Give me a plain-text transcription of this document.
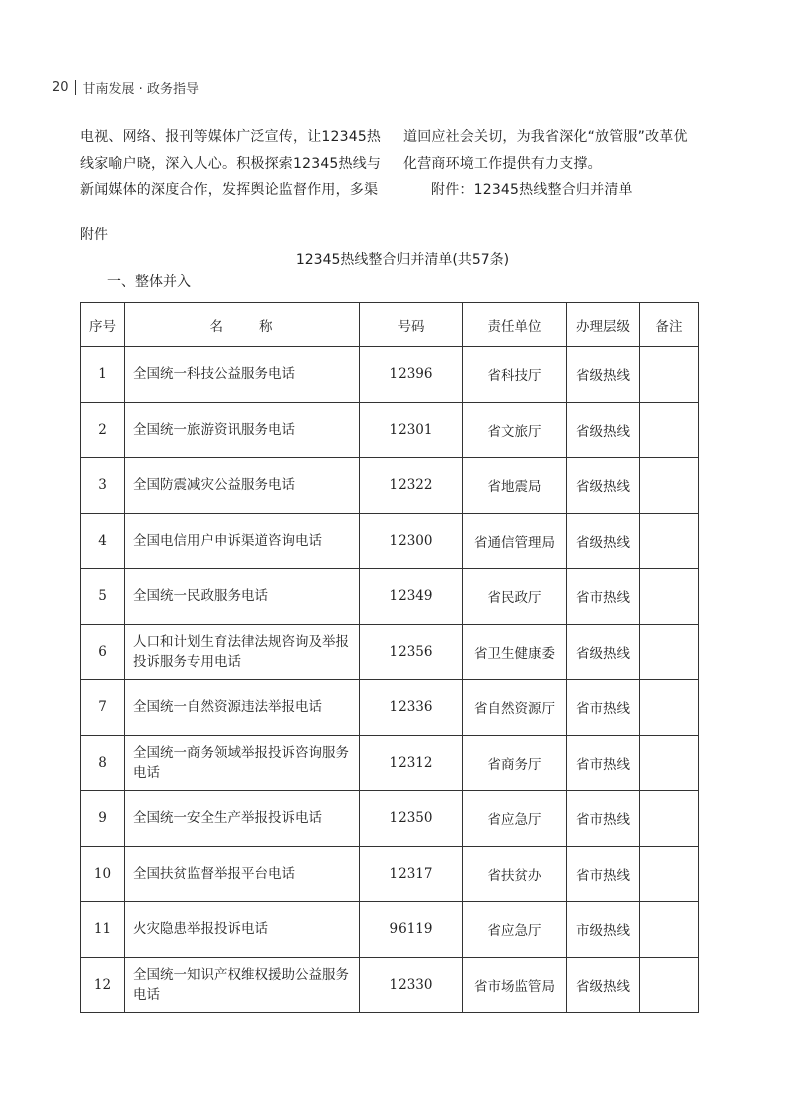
20 甘南发展 · 政务指导
电视、网络、报刊等媒体广泛宣传，让12345热
线家喻户晓，深入人心。积极探索12345热线与
新闻媒体的深度合作，发挥舆论监督作用，多渠
道回应社会关切，为我省深化“放管服”改革优
化营商环境工作提供有力支撑。
附件：12345热线整合归并清单
附件
12345热线整合归并清单(共57条)
一、整体并入
序号	名 称	号码	责任单位	办理层级	备注
1	全国统一科技公益服务电话	12396	省科技厅	省级热线	
2	全国统一旅游资讯服务电话	12301	省文旅厅	省级热线	
3	全国防震减灾公益服务电话	12322	省地震局	省级热线	
4	全国电信用户申诉渠道咨询电话	12300	省通信管理局	省级热线	
5	全国统一民政服务电话	12349	省民政厅	省市热线	
6	人口和计划生育法律法规咨询及举报投诉服务专用电话	12356	省卫生健康委	省级热线	
7	全国统一自然资源违法举报电话	12336	省自然资源厅	省市热线	
8	全国统一商务领域举报投诉咨询服务电话	12312	省商务厅	省市热线	
9	全国统一安全生产举报投诉电话	12350	省应急厅	省市热线	
10	全国扶贫监督举报平台电话	12317	省扶贫办	省市热线	
11	火灾隐患举报投诉电话	96119	省应急厅	市级热线	
12	全国统一知识产权维权援助公益服务电话	12330	省市场监管局	省级热线	
